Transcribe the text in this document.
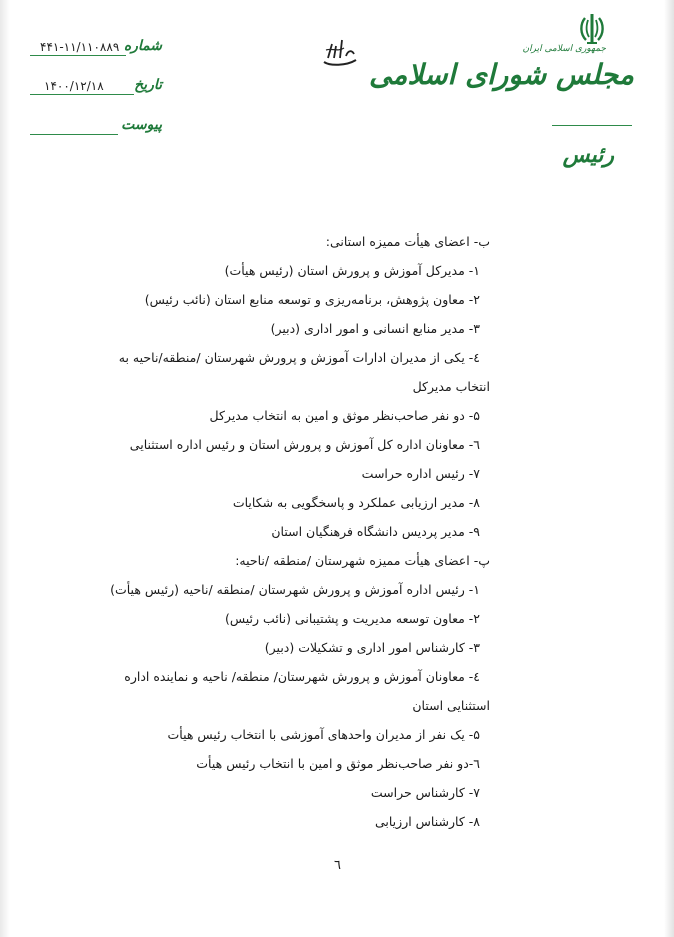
شماره
۴۴۱-۱۱/۱۱۰۸۸۹
تاریخ
۱۴۰۰/۱۲/۱۸
پیوست
جمهوری اسلامی ایران
مجلس شورای اسلامی
رئیس
ب- اعضای هیأت ممیزه استانی:
۱- مدیرکل آموزش و پرورش استان (رئیس هیأت)
۲- معاون پژوهش، برنامه‌ریزی و توسعه منابع استان (نائب رئیس)
۳- مدیر منابع انسانی و امور اداری (دبیر)
٤- یکی از مدیران ادارات آموزش و پرورش شهرستان /منطقه/ناحیه به
انتخاب مدیرکل
۵- دو نفر صاحب‌نظر موثق و امین به انتخاب مدیرکل
٦- معاونان اداره کل آموزش و پرورش استان و رئیس اداره استثنایی
۷- رئیس اداره حراست
۸- مدیر ارزیابی عملکرد و پاسخگویی به شکایات
۹- مدیر پردیس دانشگاه فرهنگیان استان
پ- اعضای هیأت ممیزه شهرستان /منطقه /ناحیه:
۱- رئیس اداره آموزش و پرورش شهرستان /منطقه /ناحیه (رئیس هیأت)
۲- معاون توسعه مدیریت و پشتیبانی (نائب رئیس)
۳- کارشناس امور اداری و تشکیلات (دبیر)
٤- معاونان آموزش و پرورش شهرستان/ منطقه/ ناحیه و نماینده اداره
استثنایی استان
۵- یک نفر از مدیران واحدهای آموزشی با انتخاب رئیس هیأت
٦-دو نفر صاحب‌نظر موثق و امین با انتخاب رئیس هیأت
۷- کارشناس حراست
۸- کارشناس ارزیابی
٦
